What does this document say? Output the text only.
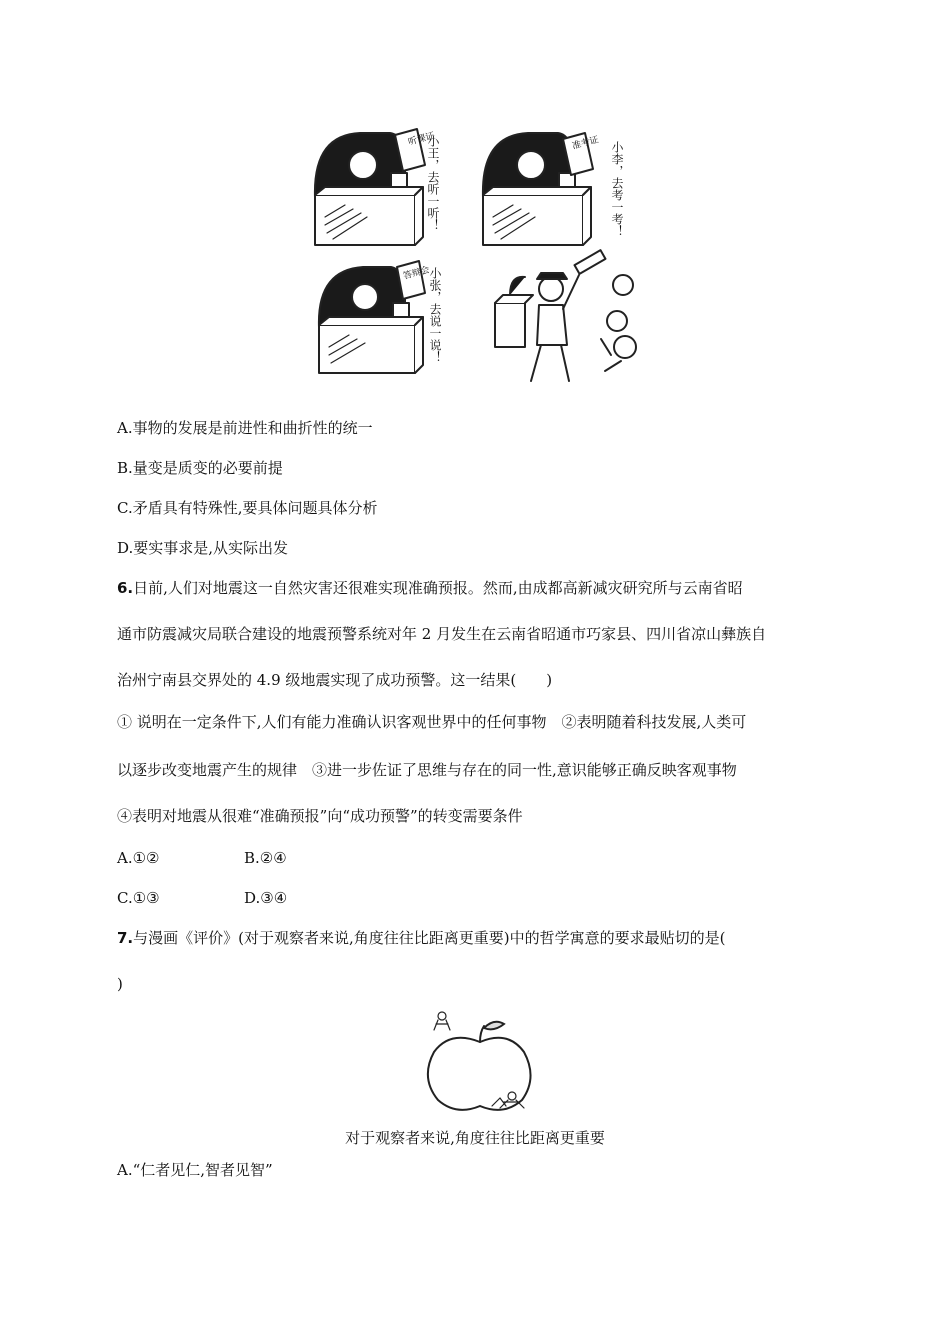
听课证	准考证
答辩会
小王，去听一听！	小李，去考一考！
小张，去说一说！
A.事物的发展是前进性和曲折性的统一
B.量变是质变的必要前提
C.矛盾具有特殊性,要具体问题具体分析
D.要实事求是,从实际出发
6.日前,人们对地震这一自然灾害还很难实现准确预报。然而,由成都高新减灾研究所与云南省昭
通市防震减灾局联合建设的地震预警系统对年 2 月发生在云南省昭通市巧家县、四川省凉山彝族自
治州宁南县交界处的 4.9 级地震实现了成功预警。这一结果(　　)
① 说明在一定条件下,人们有能力准确认识客观世界中的任何事物　②表明随着科技发展,人类可
以逐步改变地震产生的规律　③进一步佐证了思维与存在的同一性,意识能够正确反映客观事物
④表明对地震从很难“准确预报”向“成功预警”的转变需要条件
A.①②	B.②④
C.①③	D.③④
7.与漫画《评价》(对于观察者来说,角度往往比距离更重要)中的哲学寓意的要求最贴切的是(
)
对于观察者来说,角度往往比距离更重要
A.“仁者见仁,智者见智”
